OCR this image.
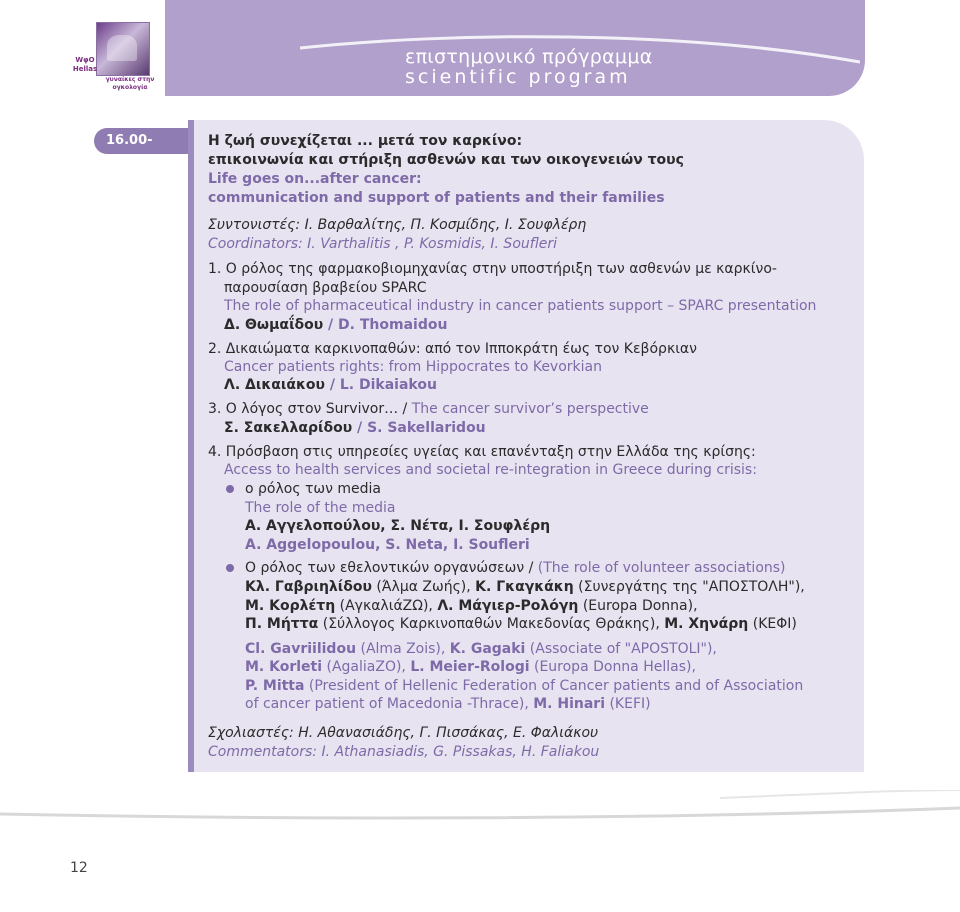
WφO Hellas
γυναίκες στην ογκολογία
επιστημονικό πρόγραμμα
scientific program
16.00-17.30
Η ζωή συνεχίζεται ... μετά τον καρκίνο:
επικοινωνία και στήριξη ασθενών και των οικογενειών τους
Life goes on...after cancer:
communication and support of patients and their families
Συντονιστές: Ι. Βαρθαλίτης, Π. Κοσμίδης, Ι. Σουφλέρη
Coordinators: I. Varthalitis , P. Kosmidis, I. Soufleri
1. Ο ρόλος της φαρμακοβιομηχανίας στην υποστήριξη των ασθενών με καρκίνο-
παρουσίαση βραβείου SPARC
The role of pharmaceutical industry in cancer patients support – SPARC presentation
Δ. Θωμαΐδου / D. Thomaidou
2. Δικαιώματα καρκινοπαθών: από τον Ιπποκράτη έως τον Κεβόρκιαν
Cancer patients rights: from Hippocrates to Kevorkian
Λ. Δικαιάκου / L. Dikaiakou
3. Ο λόγος στον Survivor… / The cancer survivor’s perspective
Σ. Σακελλαρίδου / S. Sakellaridou
4. Πρόσβαση στις υπηρεσίες υγείας και επανένταξη στην Ελλάδα της κρίσης:
Access to health services and societal re-integration in Greece during crisis:
ο ρόλος των media
The role of the media
Α. Αγγελοπούλου, Σ. Νέτα, Ι. Σουφλέρη
A. Aggelopoulou, S. Neta, I. Soufleri
Ο ρόλος των εθελοντικών οργανώσεων / (The role of volunteer associations)
Κλ. Γαβριηλίδου (Άλμα Ζωής), Κ. Γκαγκάκη (Συνεργάτης της "ΑΠΟΣΤΟΛΗ"),
Μ. Κορλέτη (ΑγκαλιάΖΩ), Λ. Μάγιερ-Ρολόγη (Europa Donna),
Π. Μήττα (Σύλλογος Καρκινοπαθών Μακεδονίας Θράκης), Μ. Χηνάρη (ΚΕΦΙ)
Cl. Gavriilidou (Alma Zois), K. Gagaki (Associate of "APOSTOLI"),
M. Korleti (AgaliaZO), L. Meier-Rologi (Europa Donna Hellas),
P. Mitta (President of Hellenic Federation of Cancer patients and of Association
of cancer patient of Macedonia -Thrace), M. Hinari (KEFI)
Σχολιαστές: Η. Αθανασιάδης, Γ. Πισσάκας, Ε. Φαλιάκου
Commentators: I. Athanasiadis, G. Pissakas, H. Faliakou
12
